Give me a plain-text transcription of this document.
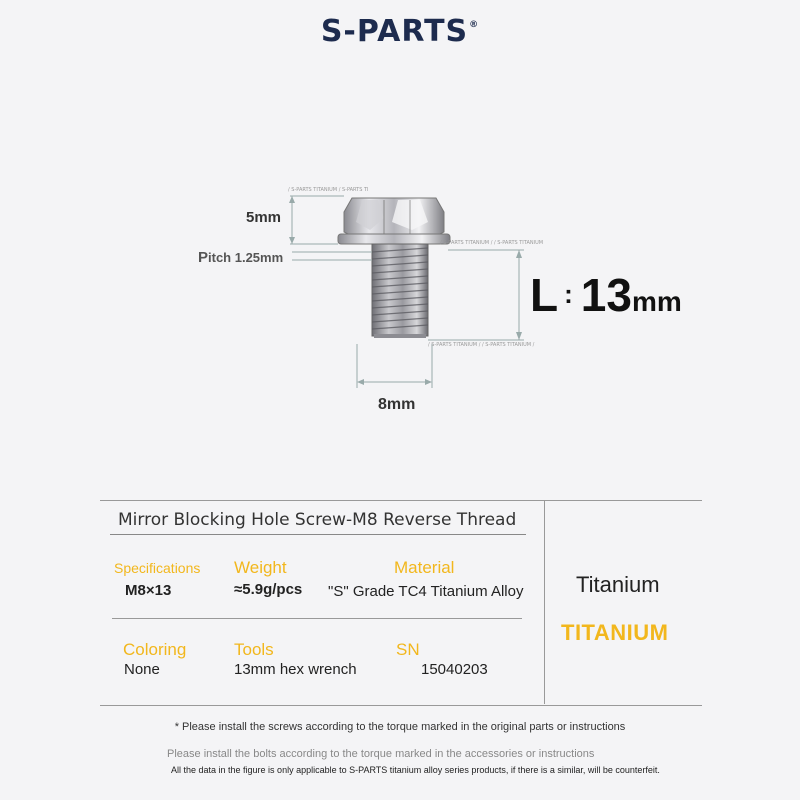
S-PARTS®
/ S-PARTS TITANIUM / S-PARTS TI
/ S-PARTS TITANIUM / / S-PARTS TITANIUM
/ S-PARTS TITANIUM / / S-PARTS TITANIUM /
5mm
Pitch 1.25mm
8mm
L : 13mm
Mirror Blocking Hole Screw-M8 Reverse Thread
Specifications
M8×13
Weight
≈5.9g/pcs
Material
"S" Grade TC4 Titanium Alloy
Coloring
None
Tools
13mm hex wrench
SN
15040203
Titanium
TITANIUM
* Please install the screws according to the torque marked in the original parts or instructions
Please install the bolts according to the torque marked in the accessories or instructions
All the data in the figure is only applicable to S-PARTS titanium alloy series products, if there is a similar, will be counterfeit.
